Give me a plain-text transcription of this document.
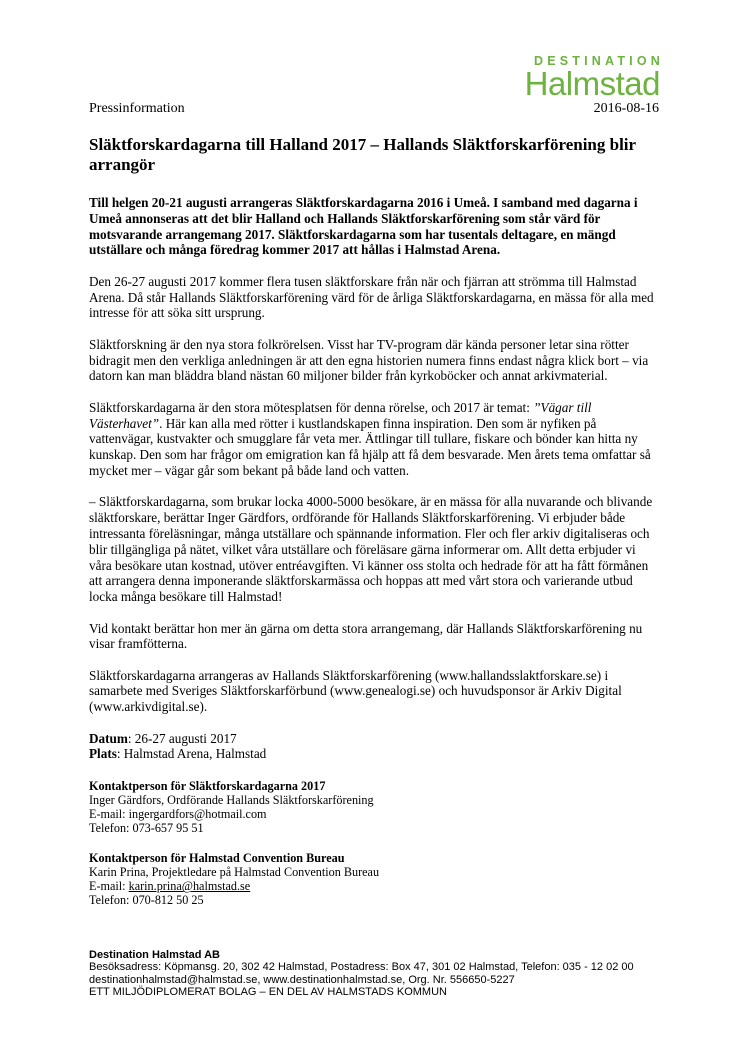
DESTINATION
Halmstad
Pressinformation	2016-08-16
Släktforskardagarna till Halland 2017 – Hallands Släktforskarförening blir arrangör

Till helgen 20-21 augusti arrangeras Släktforskardagarna 2016 i Umeå. I samband med dagarna i Umeå annonseras att det blir Halland och Hallands Släktforskarförening som står värd för motsvarande arrangemang 2017. Släktforskardagarna som har tusentals deltagare, en mängd utställare och många föredrag kommer 2017 att hållas i Halmstad Arena.

Den 26-27 augusti 2017 kommer flera tusen släktforskare från när och fjärran att strömma till Halmstad Arena. Då står Hallands Släktforskarförening värd för de årliga Släktforskardagarna, en mässa för alla med intresse för att söka sitt ursprung.

Släktforskning är den nya stora folkrörelsen. Visst har TV-program där kända personer letar sina rötter bidragit men den verkliga anledningen är att den egna historien numera finns endast några klick bort – via datorn kan man bläddra bland nästan 60 miljoner bilder från kyrkoböcker och annat arkivmaterial.

Släktforskardagarna är den stora mötesplatsen för denna rörelse, och 2017 är temat: ”Vägar till Västerhavet”. Här kan alla med rötter i kustlandskapen finna inspiration. Den som är nyfiken på vattenvägar, kustvakter och smugglare får veta mer. Ättlingar till tullare, fiskare och bönder kan hitta ny kunskap. Den som har frågor om emigration kan få hjälp att få dem besvarade. Men årets tema omfattar så mycket mer – vägar går som bekant på både land och vatten.

– Släktforskardagarna, som brukar locka 4000-5000 besökare, är en mässa för alla nuvarande och blivande släktforskare, berättar Inger Gärdfors, ordförande för Hallands Släktforskarförening. Vi erbjuder både intressanta föreläsningar, många utställare och spännande information. Fler och fler arkiv digitaliseras och blir tillgängliga på nätet, vilket våra utställare och föreläsare gärna informerar om. Allt detta erbjuder vi våra besökare utan kostnad, utöver entréavgiften. Vi känner oss stolta och hedrade för att ha fått förmånen att arrangera denna imponerande släktforskarmässa och hoppas att med vårt stora och varierande utbud locka många besökare till Halmstad!

Vid kontakt berättar hon mer än gärna om detta stora arrangemang, där Hallands Släktforskarförening nu visar framfötterna.

Släktforskardagarna arrangeras av Hallands Släktforskarförening (www.hallandsslaktforskare.se) i samarbete med Sveriges Släktforskarförbund (www.genealogi.se) och huvudsponsor är Arkiv Digital (www.arkivdigital.se).

Datum: 26-27 augusti 2017

Plats: Halmstad Arena, Halmstad

Kontaktperson för Släktforskardagarna 2017
Inger Gärdfors, Ordförande Hallands Släktforskarförening
E-mail: ingergardfors@hotmail.com
Telefon: 073-657 95 51
Kontaktperson för Halmstad Convention Bureau
Karin Prina, Projektledare på Halmstad Convention Bureau
E-mail: karin.prina@halmstad.se
Telefon: 070-812 50 25
Destination Halmstad AB
Besöksadress: Köpmansg. 20, 302 42 Halmstad, Postadress: Box 47, 301 02 Halmstad, Telefon: 035 - 12 02 00
destinationhalmstad@halmstad.se, www.destinationhalmstad.se, Org. Nr. 556650-5227
ETT MILJÖDIPLOMERAT BOLAG – EN DEL AV HALMSTADS KOMMUN
